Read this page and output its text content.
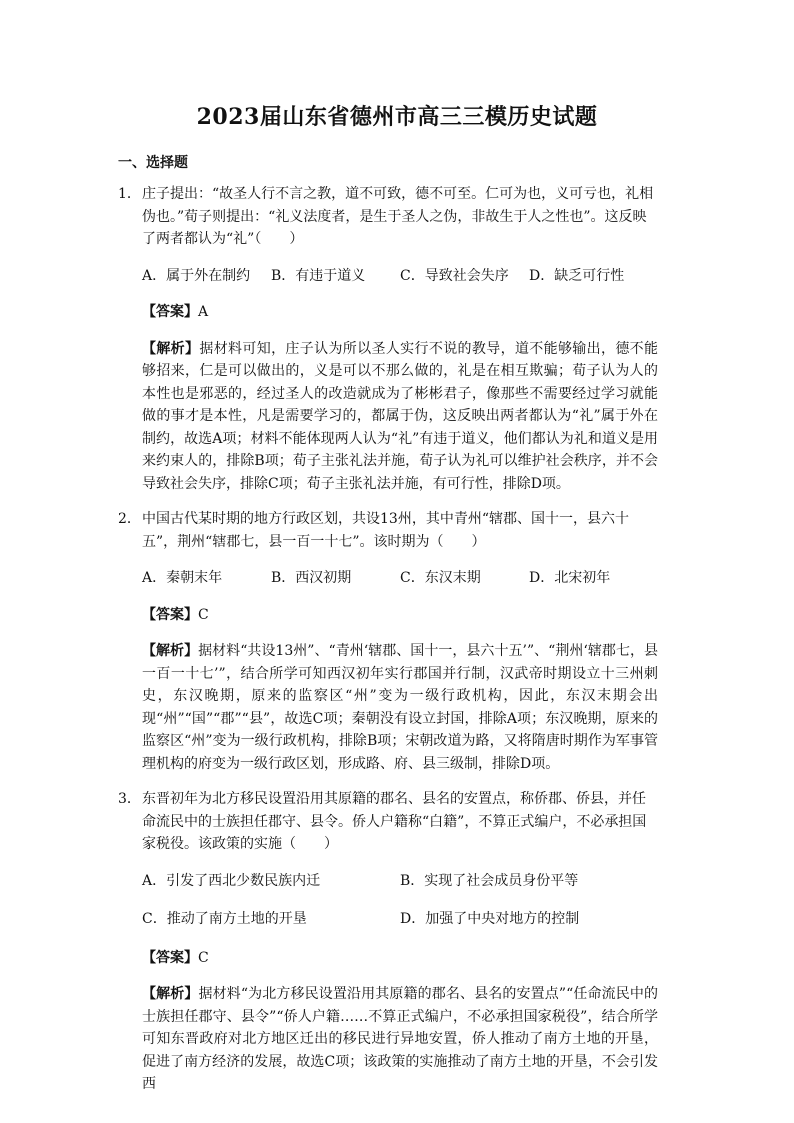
2023届山东省德州市高三三模历史试题
一、选择题
1． 庄子提出：“故圣人行不言之教，道不可致，德不可至。仁可为也，义可亏也，礼相伪也。”荀子则提出：“礼义法度者，是生于圣人之伪，非故生于人之性也”。这反映了两者都认为“礼”（　　）
A．属于外在制约	B．有违于道义	C．导致社会失序	D．缺乏可行性
【答案】A
【解析】据材料可知，庄子认为所以圣人实行不说的教导，道不能够输出，德不能够招来，仁是可以做出的，义是可以不那么做的，礼是在相互欺骗；荀子认为人的本性也是邪恶的，经过圣人的改造就成为了彬彬君子，像那些不需要经过学习就能做的事才是本性，凡是需要学习的，都属于伪，这反映出两者都认为“礼”属于外在制约，故选A项；材料不能体现两人认为“礼”有违于道义，他们都认为礼和道义是用来约束人的，排除B项；荀子主张礼法并施，荀子认为礼可以维护社会秩序，并不会导致社会失序，排除C项；荀子主张礼法并施，有可行性，排除D项。
2． 中国古代某时期的地方行政区划，共设13州，其中青州“辖郡、国十一，县六十五”，荆州“辖郡七，县一百一十七”。该时期为（　　）
A．秦朝末年	B．西汉初期	C．东汉末期	D．北宋初年
【答案】C
【解析】据材料“共设13州”、“青州‘辖郡、国十一，县六十五’”、“荆州‘辖郡七，县一百一十七’”，结合所学可知西汉初年实行郡国并行制，汉武帝时期设立十三州刺史，东汉晚期，原来的监察区“州”变为一级行政机构，因此，东汉末期会出现“州”“国”“郡”“县”，故选C项；秦朝没有设立封国，排除A项；东汉晚期，原来的监察区“州”变为一级行政机构，排除B项；宋朝改道为路，又将隋唐时期作为军事管理机构的府变为一级行政区划，形成路、府、县三级制，排除D项。
3． 东晋初年为北方移民设置沿用其原籍的郡名、县名的安置点，称侨郡、侨县，并任命流民中的士族担任郡守、县令。侨人户籍称“白籍”，不算正式编户，不必承担国家税役。该政策的实施（　　）
A．引发了西北少数民族内迁	B．实现了社会成员身份平等
C．推动了南方土地的开垦	D．加强了中央对地方的控制
【答案】C
【解析】据材料“为北方移民设置沿用其原籍的郡名、县名的安置点”“任命流民中的士族担任郡守、县令”“侨人户籍……不算正式编户，不必承担国家税役”，结合所学可知东晋政府对北方地区迁出的移民进行异地安置，侨人推动了南方土地的开垦，促进了南方经济的发展，故选C项；该政策的实施推动了南方土地的开垦，不会引发西
